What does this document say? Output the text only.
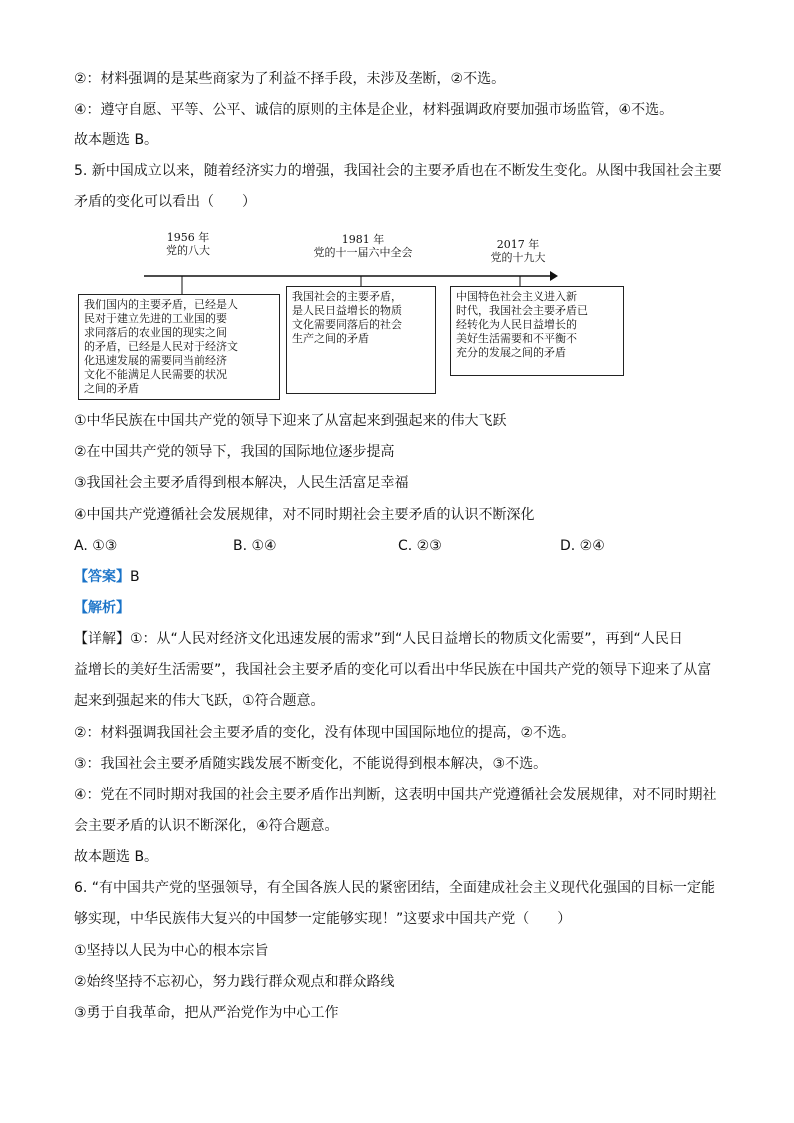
②：材料强调的是某些商家为了利益不择手段，未涉及垄断，②不选。
④：遵守自愿、平等、公平、诚信的原则的主体是企业，材料强调政府要加强市场监管，④不选。
故本题选 B。
5. 新中国成立以来，随着经济实力的增强，我国社会的主要矛盾也在不断发生变化。从图中我国社会主要
矛盾的变化可以看出（　　）
1956 年
党的八大
1981 年
党的十一届六中全会
2017 年
党的十九大
我们国内的主要矛盾，已经是人
民对于建立先进的工业国的要
求同落后的农业国的现实之间
的矛盾，已经是人民对于经济文
化迅速发展的需要同当前经济
文化不能满足人民需要的状况
之间的矛盾
我国社会的主要矛盾，
是人民日益增长的物质
文化需要同落后的社会
生产之间的矛盾
中国特色社会主义进入新
时代，我国社会主要矛盾已
经转化为人民日益增长的
美好生活需要和不平衡不
充分的发展之间的矛盾
①中华民族在中国共产党的领导下迎来了从富起来到强起来的伟大飞跃
②在中国共产党的领导下，我国的国际地位逐步提高
③我国社会主要矛盾得到根本解决，人民生活富足幸福
④中国共产党遵循社会发展规律，对不同时期社会主要矛盾的认识不断深化
A. ①③	B. ①④	C. ②③	D. ②④
【答案】B
【解析】
【详解】①：从“人民对经济文化迅速发展的需求”到“人民日益增长的物质文化需要”，再到“人民日
益增长的美好生活需要”，我国社会主要矛盾的变化可以看出中华民族在中国共产党的领导下迎来了从富
起来到强起来的伟大飞跃，①符合题意。
②：材料强调我国社会主要矛盾的变化，没有体现中国国际地位的提高，②不选。
③：我国社会主要矛盾随实践发展不断变化，不能说得到根本解决，③不选。
④：党在不同时期对我国的社会主要矛盾作出判断，这表明中国共产党遵循社会发展规律，对不同时期社
会主要矛盾的认识不断深化，④符合题意。
故本题选 B。
6. “有中国共产党的坚强领导，有全国各族人民的紧密团结，全面建成社会主义现代化强国的目标一定能
够实现，中华民族伟大复兴的中国梦一定能够实现！”这要求中国共产党（　　）
①坚持以人民为中心的根本宗旨
②始终坚持不忘初心，努力践行群众观点和群众路线
③勇于自我革命，把从严治党作为中心工作
